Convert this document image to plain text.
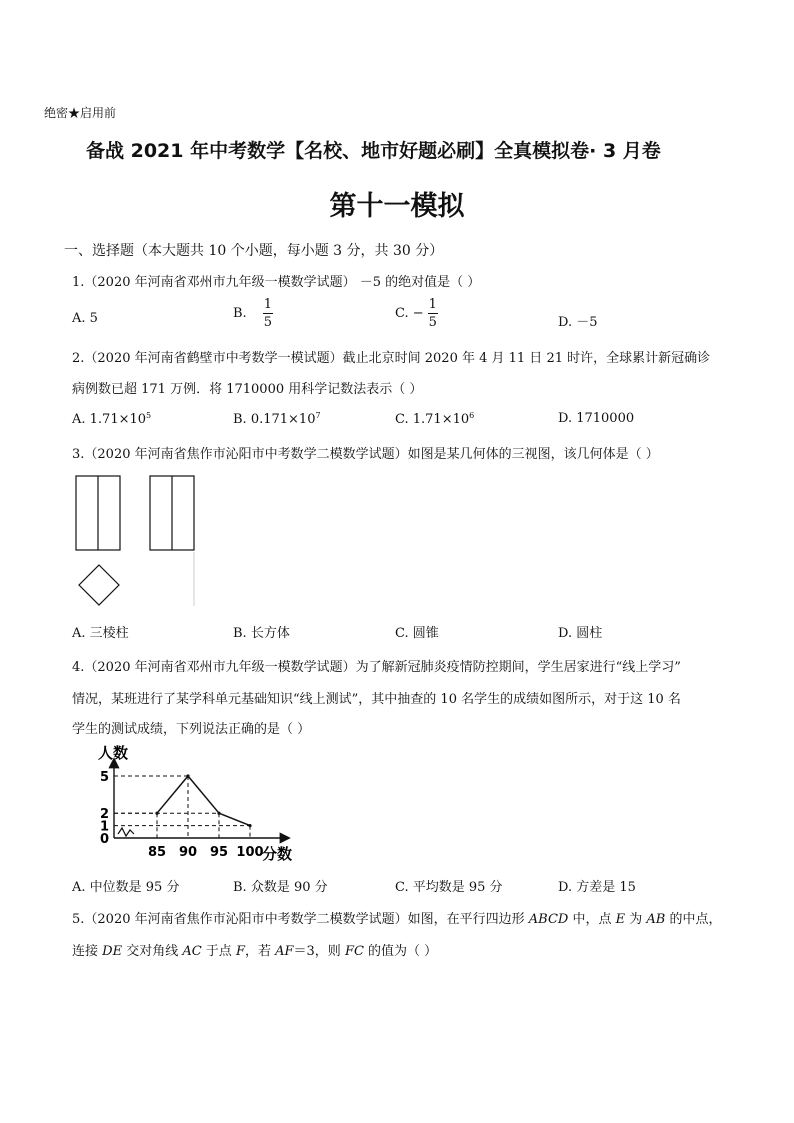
绝密★启用前
备战 2021 年中考数学【名校、地市好题必刷】全真模拟卷· 3 月卷
第十一模拟
一、选择题（本大题共 10 个小题，每小题 3 分，共 30 分）
1.（2020 年河南省邓州市九年级一模数学试题） －5 的绝对值是（ ）
A. 5	B. $\frac{1}{5}$	C. − $\frac{1}{5}$	D. －5
2.（2020 年河南省鹤壁市中考数学一模试题）截止北京时间 2020 年 4 月 11 日 21 时许，全球累计新冠确诊
病例数已超 171 万例．将 1710000 用科学记数法表示（ ）
A. $1.71\times 10^5$	B. $0.171\times 10^7$	C. $1.71\times 10^6$	D. 1710000
3.（2020 年河南省焦作市沁阳市中考数学二模数学试题）如图是某几何体的三视图，该几何体是（ ）
A. 三棱柱	B. 长方体	C. 圆锥	D. 圆柱
4.（2020 年河南省邓州市九年级一模数学试题）为了解新冠肺炎疫情防控期间，学生居家进行“线上学习”
情况，某班进行了某学科单元基础知识“线上测试”，其中抽查的 10 名学生的成绩如图所示，对于这 10 名
学生的测试成绩，下列说法正确的是（ ）
人数
分数
0
1
2
5
85 90 95 100
A. 中位数是 95 分	B. 众数是 90 分	C. 平均数是 95 分	D. 方差是 15
5.（2020 年河南省焦作市沁阳市中考数学二模数学试题）如图，在平行四边形 ABCD 中，点 E 为 AB 的中点，
连接 DE 交对角线 AC 于点 F，若 AF＝3，则 FC 的值为（ ）
